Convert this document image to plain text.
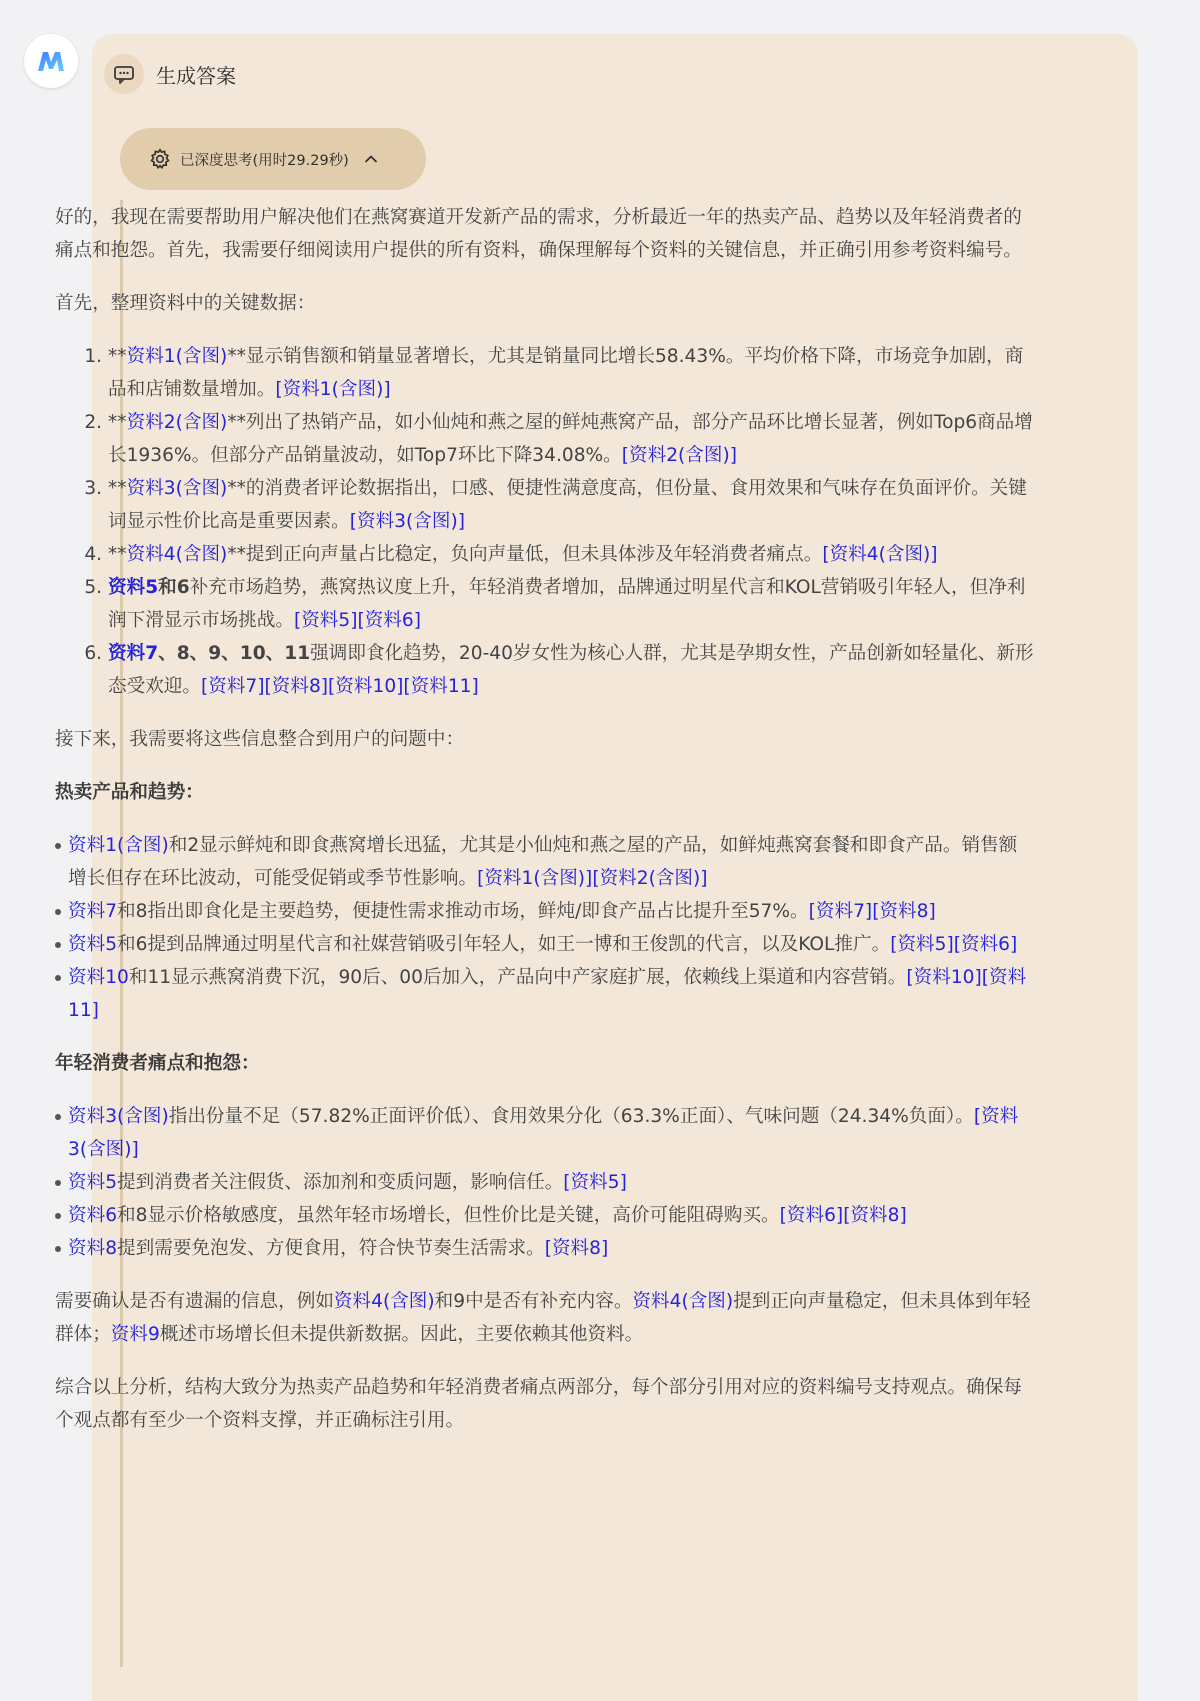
生成答案
已深度思考(用时29.29秒)

好的，我现在需要帮助用户解决他们在燕窝赛道开发新产品的需求，分析最近一年的热卖产品、趋势以及年轻消费者的痛点和抱怨。首先，我需要仔细阅读用户提供的所有资料，确保理解每个资料的关键信息，并正确引用参考资料编号。

首先，整理资料中的关键数据：

1. **资料1(含图)**显示销售额和销量显著增长，尤其是销量同比增长58.43%。平均价格下降，市场竞争加剧，商品和店铺数量增加。[资料1(含图)]
2. **资料2(含图)**列出了热销产品，如小仙炖和燕之屋的鲜炖燕窝产品，部分产品环比增长显著，例如Top6商品增长1936%。但部分产品销量波动，如Top7环比下降34.08%。[资料2(含图)]
3. **资料3(含图)**的消费者评论数据指出，口感、便捷性满意度高，但份量、食用效果和气味存在负面评价。关键词显示性价比高是重要因素。[资料3(含图)]
4. **资料4(含图)**提到正向声量占比稳定，负向声量低，但未具体涉及年轻消费者痛点。[资料4(含图)]
5. 资料5和6补充市场趋势，燕窝热议度上升，年轻消费者增加，品牌通过明星代言和KOL营销吸引年轻人，但净利润下滑显示市场挑战。[资料5][资料6]
6. 资料7、8、9、10、11强调即食化趋势，20-40岁女性为核心人群，尤其是孕期女性，产品创新如轻量化、新形态受欢迎。[资料7][资料8][资料10][资料11]

接下来，我需要将这些信息整合到用户的问题中：

热卖产品和趋势：

资料1(含图)和2显示鲜炖和即食燕窝增长迅猛，尤其是小仙炖和燕之屋的产品，如鲜炖燕窝套餐和即食产品。销售额增长但存在环比波动，可能受促销或季节性影响。[资料1(含图)][资料2(含图)]
资料7和8指出即食化是主要趋势，便捷性需求推动市场，鲜炖/即食产品占比提升至57%。[资料7][资料8]
资料5和6提到品牌通过明星代言和社媒营销吸引年轻人，如王一博和王俊凯的代言，以及KOL推广。[资料5][资料6]
资料10和11显示燕窝消费下沉，90后、00后加入，产品向中产家庭扩展，依赖线上渠道和内容营销。[资料10][资料11]

年轻消费者痛点和抱怨：

资料3(含图)指出份量不足（57.82%正面评价低）、食用效果分化（63.3%正面）、气味问题（24.34%负面）。[资料3(含图)]
资料5提到消费者关注假货、添加剂和变质问题，影响信任。[资料5]
资料6和8显示价格敏感度，虽然年轻市场增长，但性价比是关键，高价可能阻碍购买。[资料6][资料8]
资料8提到需要免泡发、方便食用，符合快节奏生活需求。[资料8]

需要确认是否有遗漏的信息，例如资料4(含图)和9中是否有补充内容。资料4(含图)提到正向声量稳定，但未具体到年轻群体；资料9概述市场增长但未提供新数据。因此，主要依赖其他资料。

综合以上分析，结构大致分为热卖产品趋势和年轻消费者痛点两部分，每个部分引用对应的资料编号支持观点。确保每个观点都有至少一个资料支撑，并正确标注引用。
